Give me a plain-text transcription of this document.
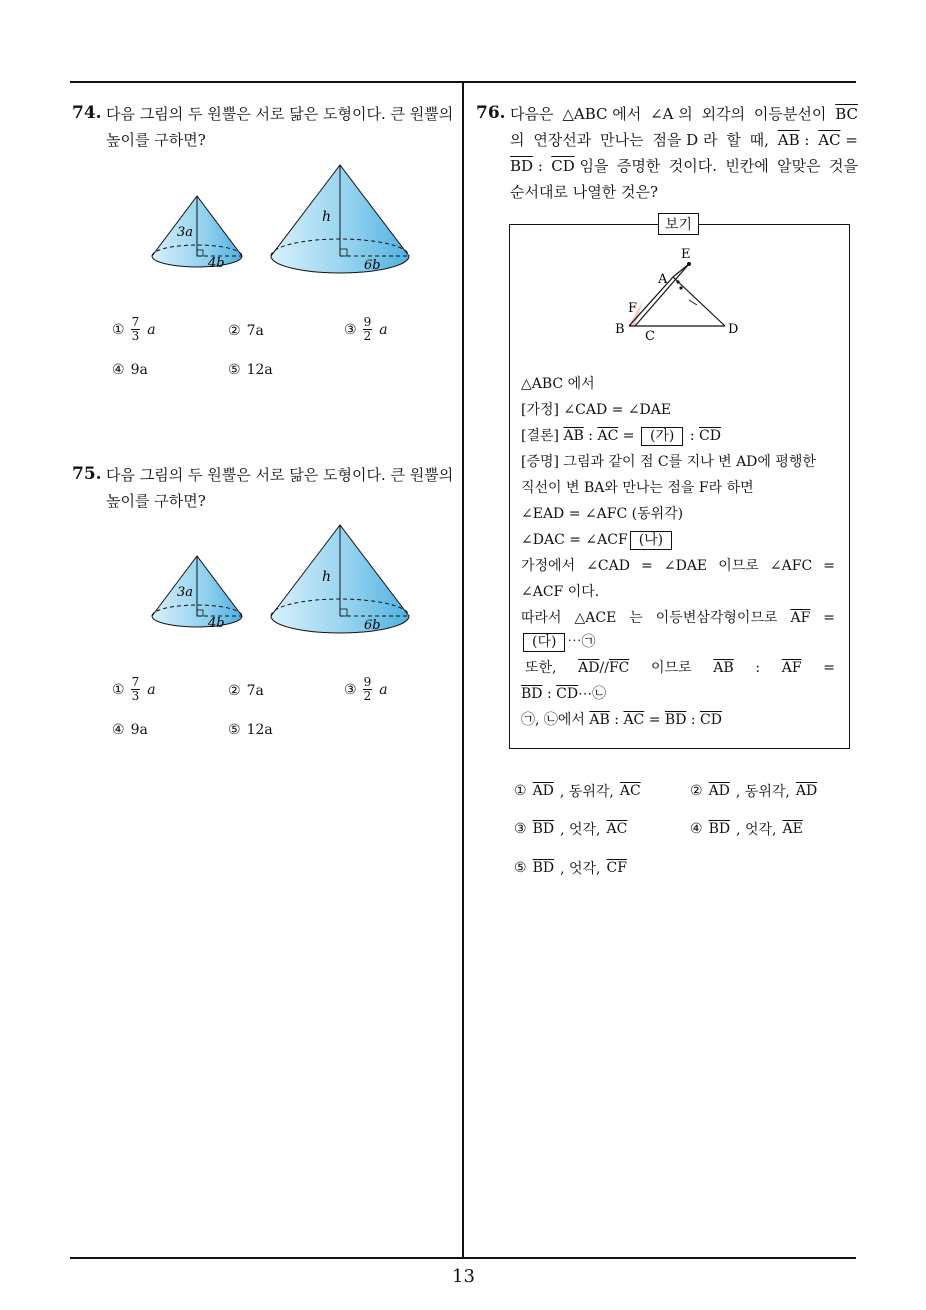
13
74. 다음 그림의 두 원뿔은 서로 닮은 도형이다. 큰 원뿔의
높이를 구하면?
3a
4b
h
6b
① $\frac{7}{3}$ a	② 7a	③ $\frac{9}{2}$ a
④ 9a	⑤ 12a
75. 다음 그림의 두 원뿔은 서로 닮은 도형이다. 큰 원뿔의
높이를 구하면?
3a
4b
h
6b
① $\frac{7}{3}$ a	② 7a	③ $\frac{9}{2}$ a
④ 9a	⑤ 12a
76. 다음은 △ABC 에서 ∠A 의 외각의 이등분선이 $\overline{BC}$
의 연장선과 만나는 점을 D 라 할 때, $\overline{AB}$ : $\overline{AC}$ =
$\overline{BD}$ : $\overline{CD}$ 임을 증명한 것이다. 빈칸에 알맞은 것을
순서대로 나열한 것은?
보기
E
A
F
B C	D
△ABC 에서
[가정] ∠CAD = ∠DAE
[결론] $\overline{AB}$ : $\overline{AC}$ = (가) : $\overline{CD}$
[증명] 그림과 같이 점 C를 지나 변 AD에 평행한
직선이 변 BA와 만나는 점을 F라 하면
∠EAD = ∠AFC (동위각)
∠DAC = ∠ACF (나)
가정에서 ∠CAD = ∠DAE 이므로 ∠AFC =
∠ACF 이다.
따라서 △ACE 는 이등변삼각형이므로 $\overline{AF}$ =
(다) ⋯㉠
또한, $\overline{AD}//\overline{FC}$ 이므로 $\overline{AB}$ : $\overline{AF}$ =
$\overline{BD}$ : $\overline{CD}\cdots㉡$
㉠, ㉡에서 $\overline{AB}$ : $\overline{AC} = \overline{BD}$ : $\overline{CD}$
① $\overline{AD}$ , 동위각, $\overline{AC}$	② $\overline{AD}$ , 동위각, $\overline{AD}$
③ $\overline{BD}$ , 엇각, $\overline{AC}$	④ $\overline{BD}$ , 엇각, $\overline{AE}$
⑤ $\overline{BD}$ , 엇각, $\overline{CF}$
